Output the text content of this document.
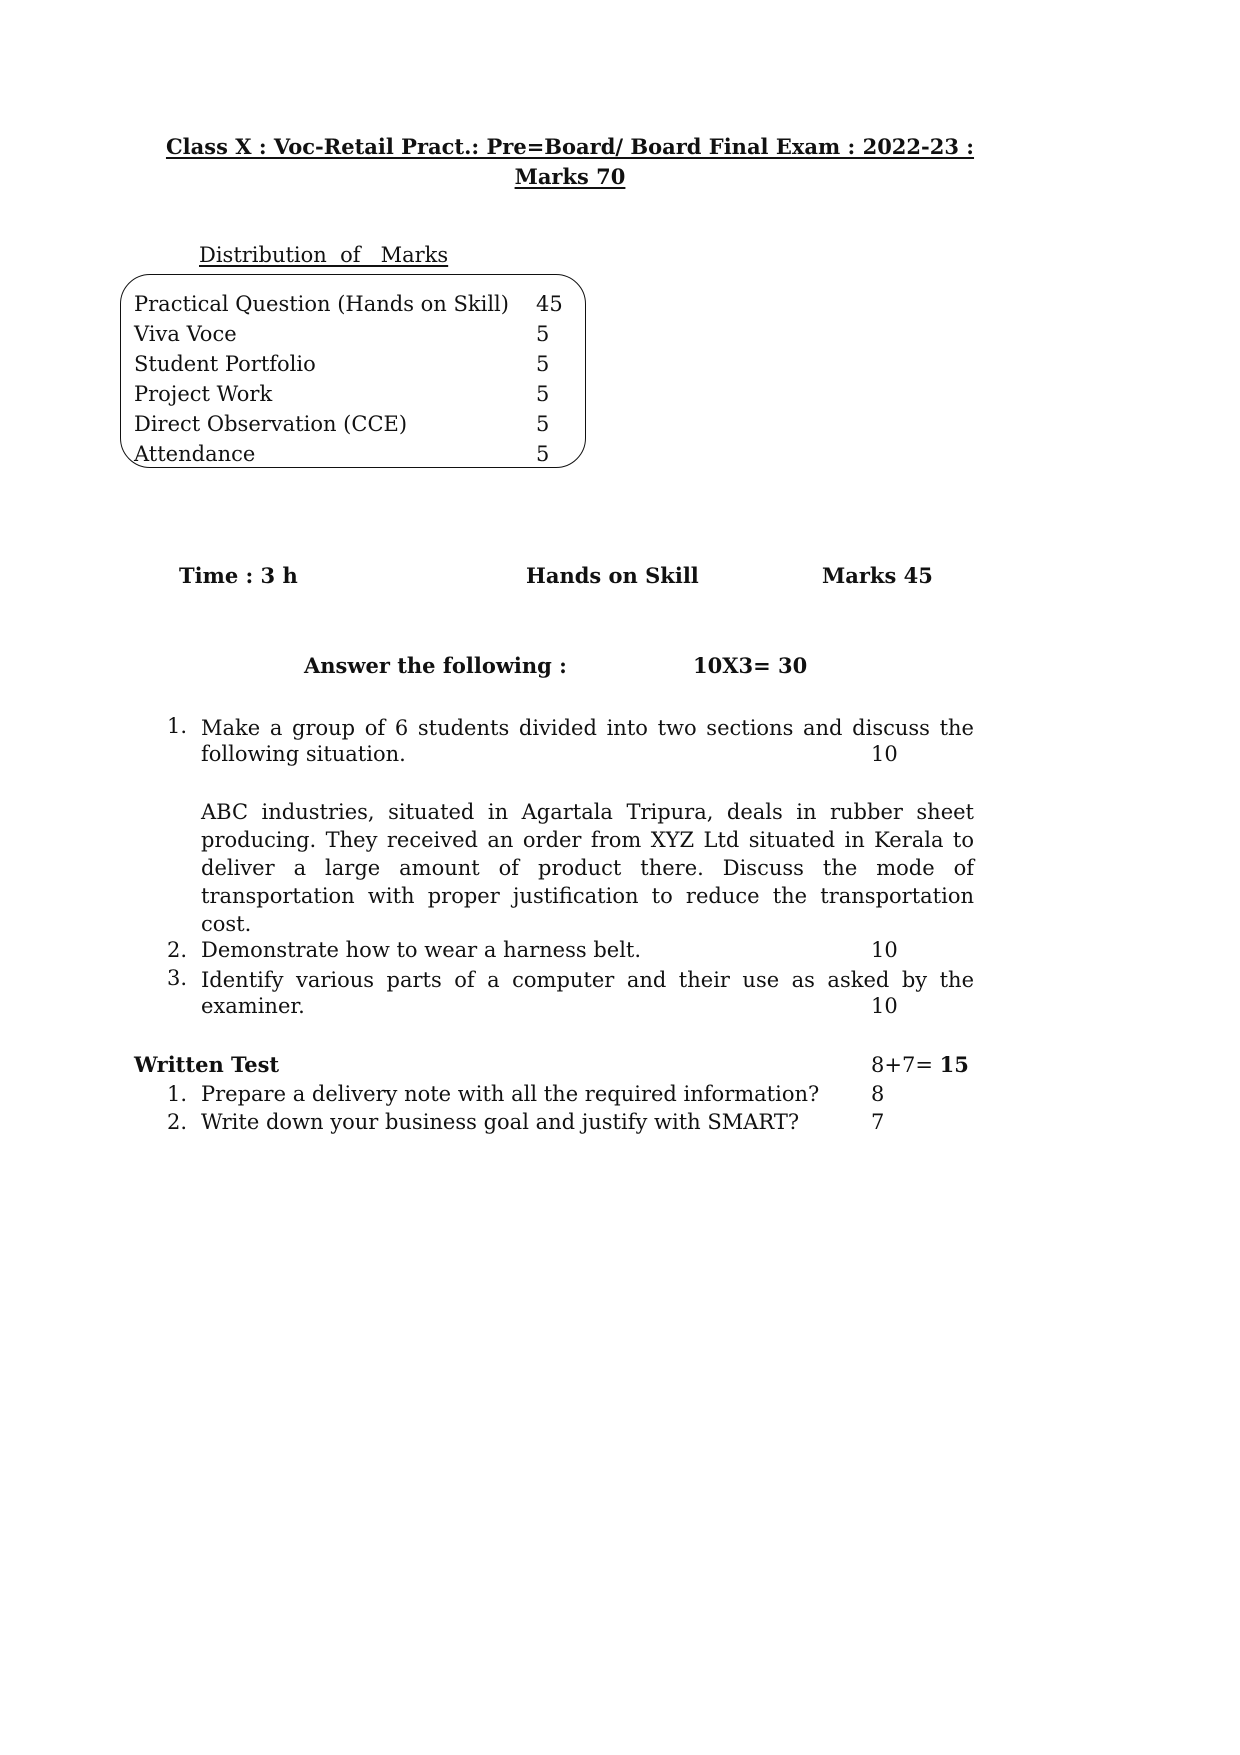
Class X : Voc-Retail Pract.: Pre=Board/ Board Final Exam : 2022-23 :
Marks 70
Distribution  of   Marks
Practical Question (Hands on Skill) 45
Viva Voce	5
Student Portfolio	5
Project Work	5
Direct Observation (CCE)	5
Attendance	5
Time : 3 h	Hands on Skill	Marks 45
Answer the following :	10X3= 30
1. Make a group of 6 students divided into two sections and discuss the
following situation.	10
ABC industries, situated in Agartala Tripura, deals in rubber sheet producing. They received an order from XYZ Ltd situated in Kerala to deliver a large amount of product there. Discuss the mode of transportation with proper justification to reduce the transportation cost.
2. Demonstrate how to wear a harness belt.	10
3. Identify various parts of a computer and their use as asked by the
examiner.	10
Written Test	8+7= 15
1. Prepare a delivery note with all the required information? 8
2. Write down your business goal and justify with SMART?	7
